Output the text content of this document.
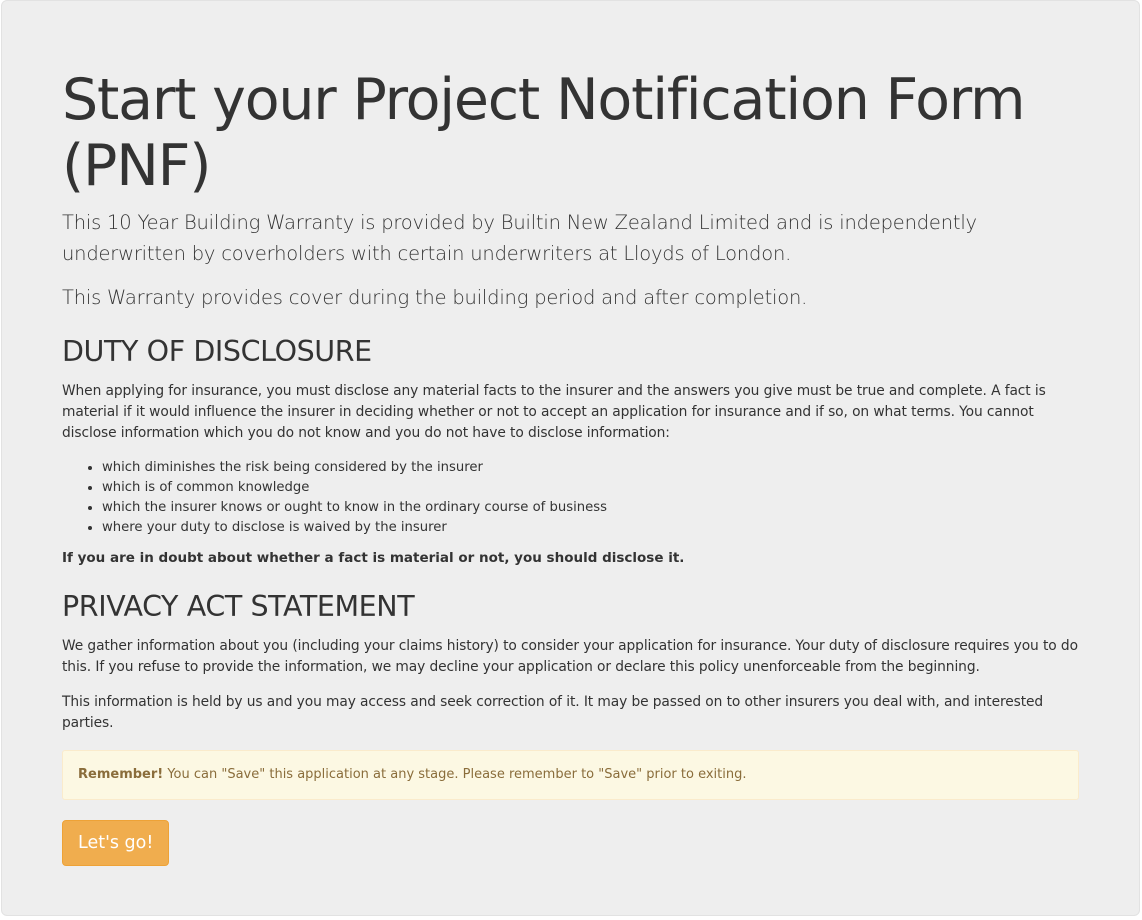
Start your Project Notification Form (PNF)

This 10 Year Building Warranty is provided by Builtin New Zealand Limited and is independently underwritten by coverholders with certain underwriters at Lloyds of London.

This Warranty provides cover during the building period and after completion.

DUTY OF DISCLOSURE

When applying for insurance, you must disclose any material facts to the insurer and the answers you give must be true and complete. A fact is material if it would influence the insurer in deciding whether or not to accept an application for insurance and if so, on what terms. You cannot disclose information which you do not know and you do not have to disclose information:

• which diminishes the risk being considered by the insurer
• which is of common knowledge
• which the insurer knows or ought to know in the ordinary course of business
• where your duty to disclose is waived by the insurer

If you are in doubt about whether a fact is material or not, you should disclose it.

PRIVACY ACT STATEMENT

We gather information about you (including your claims history) to consider your application for insurance. Your duty of disclosure requires you to do this. If you refuse to provide the information, we may decline your application or declare this policy unenforceable from the beginning.

This information is held by us and you may access and seek correction of it. It may be passed on to other insurers you deal with, and interested parties.

Remember! You can "Save" this application at any stage. Please remember to "Save" prior to exiting.
Let's go!
